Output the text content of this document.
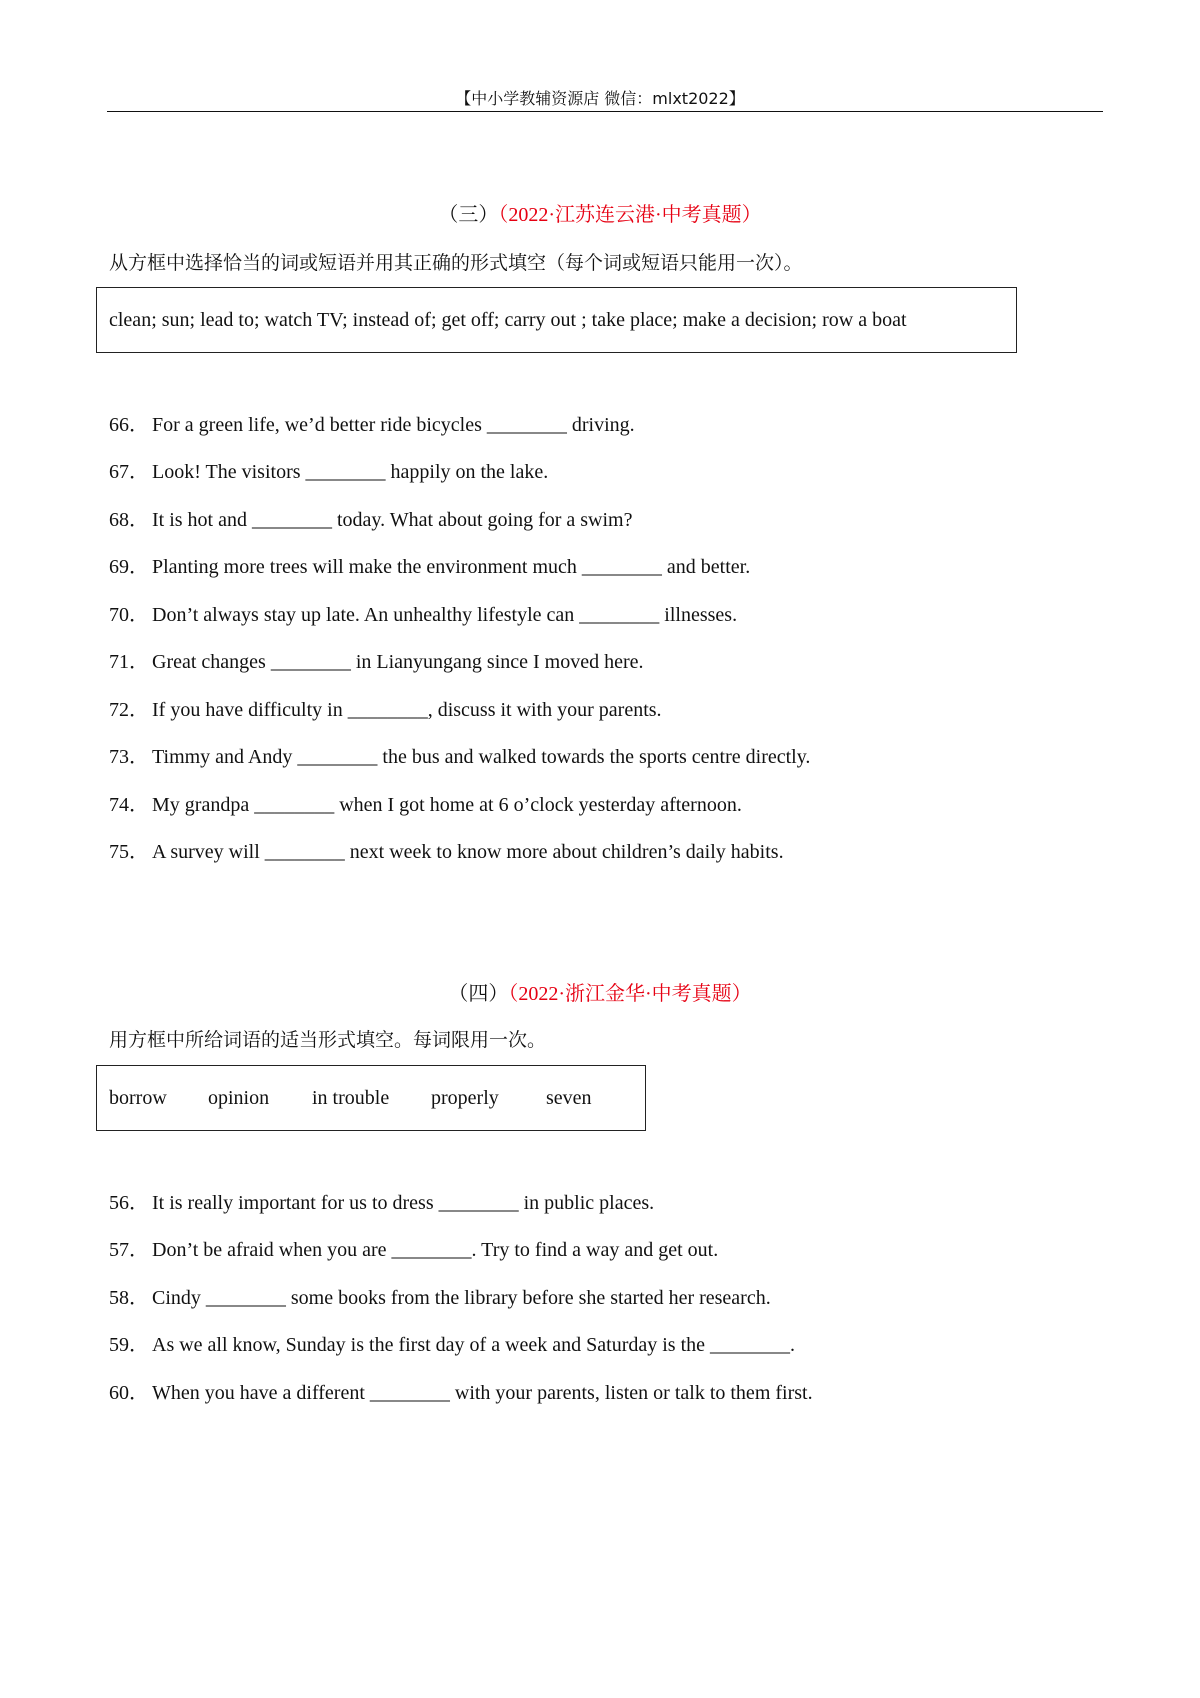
【中小学教辅资源店 微信：mlxt2022】
（三）（2022·江苏连云港·中考真题）
从方框中选择恰当的词或短语并用其正确的形式填空（每个词或短语只能用一次）。
clean; sun; lead to; watch TV; instead of; get off; carry out ; take place; make a decision; row a boat
66． For a green life, we’d better ride bicycles ________ driving.
67． Look! The visitors ________ happily on the lake.
68． It is hot and ________ today. What about going for a swim?
69． Planting more trees will make the environment much ________ and better.
70． Don’t always stay up late. An unhealthy lifestyle can ________ illnesses.
71． Great changes ________ in Lianyungang since I moved here.
72． If you have difficulty in ________, discuss it with your parents.
73． Timmy and Andy ________ the bus and walked towards the sports centre directly.
74． My grandpa ________ when I got home at 6 o’clock yesterday afternoon.
75． A survey will ________ next week to know more about children’s daily habits.
（四）（2022·浙江金华·中考真题）
用方框中所给词语的适当形式填空。每词限用一次。
borrow opinion in trouble properly seven
56． It is really important for us to dress ________ in public places.
57． Don’t be afraid when you are ________. Try to find a way and get out.
58． Cindy ________ some books from the library before she started her research.
59． As we all know, Sunday is the first day of a week and Saturday is the ________.
60． When you have a different ________ with your parents, listen or talk to them first.
